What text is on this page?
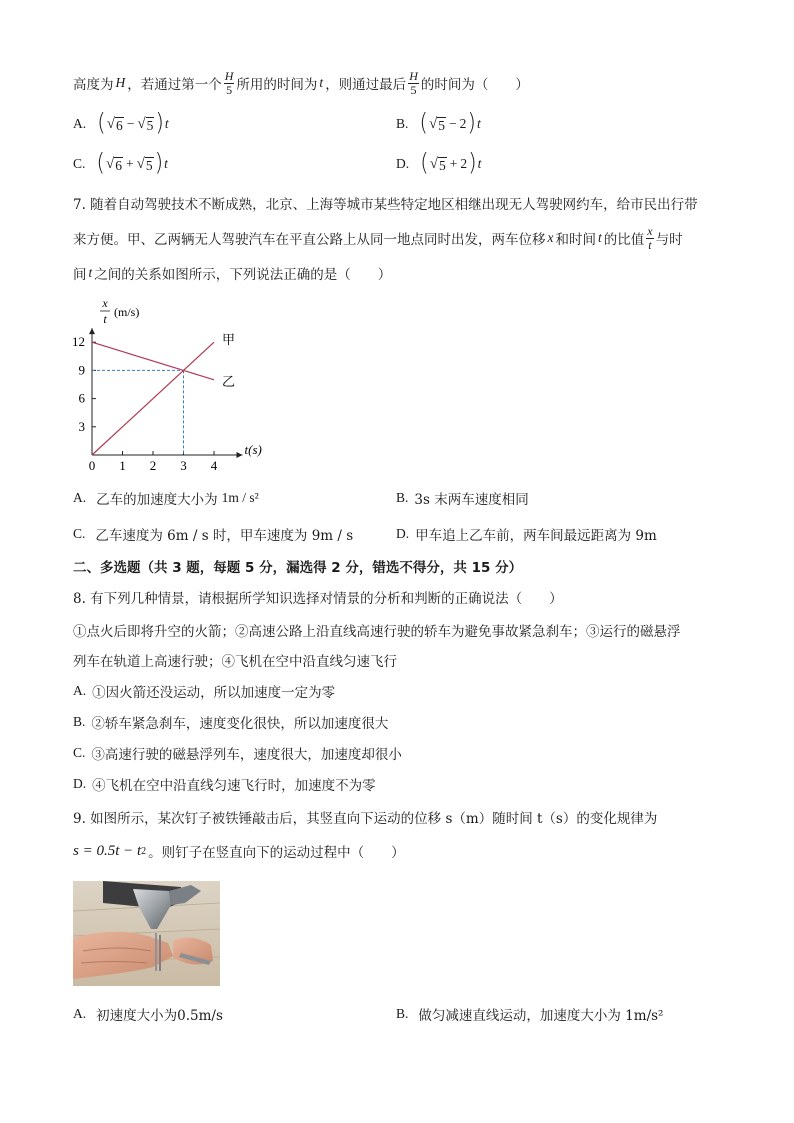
高度为 H ，若通过第一个 $\frac{H}{5}$ 所用的时间为 t ，则通过最后 $\frac{H}{5}$ 的时间为（　　）
A. ( √ 6 − √ 5 ) t	B. ( √ 5 − 2 ) t
C. ( √ 6 + √ 5 ) t	D. ( √ 5 + 2 ) t
7. 随着自动驾驶技术不断成熟，北京、上海等城市某些特定地区相继出现无人驾驶网约车，给市民出行带
来方便。甲、乙两辆无人驾驶汽车在平直公路上从同一地点同时出发，两车位移 x 和时间 t 的比值 $\frac{x}{t}$ 与时
间 t 之间的关系如图所示，下列说法正确的是（　　）
1 2 3 4
3
6
9
12
0
x
t (m/s)
t(s)
甲
乙
A. 乙车的加速度大小为 1m / s²	B. 3s 末两车速度相同
C. 乙车速度为 6m / s 时，甲车速度为 9m / s	D. 甲车追上乙车前，两车间最远距离为 9m
二、多选题（共 3 题，每题 5 分，漏选得 2 分，错选不得分，共 15 分）
8. 有下列几种情景，请根据所学知识选择对情景的分析和判断的正确说法（　　）
①点火后即将升空的火箭；②高速公路上沿直线高速行驶的轿车为避免事故紧急刹车；③运行的磁悬浮
列车在轨道上高速行驶；④飞机在空中沿直线匀速飞行
A. ①因火箭还没运动，所以加速度一定为零
B. ②轿车紧急刹车，速度变化很快，所以加速度很大
C. ③高速行驶的磁悬浮列车，速度很大，加速度却很小
D. ④飞机在空中沿直线匀速飞行时，加速度不为零
9. 如图所示，某次钉子被铁锤敲击后，其竖直向下运动的位移 s（m）随时间 t（s）的变化规律为
s = 0.5t − t 2 。则钉子在竖直向下的运动过程中（　　）
A. 初速度大小为0.5m/s	B. 做匀减速直线运动，加速度大小为 1m/s²
